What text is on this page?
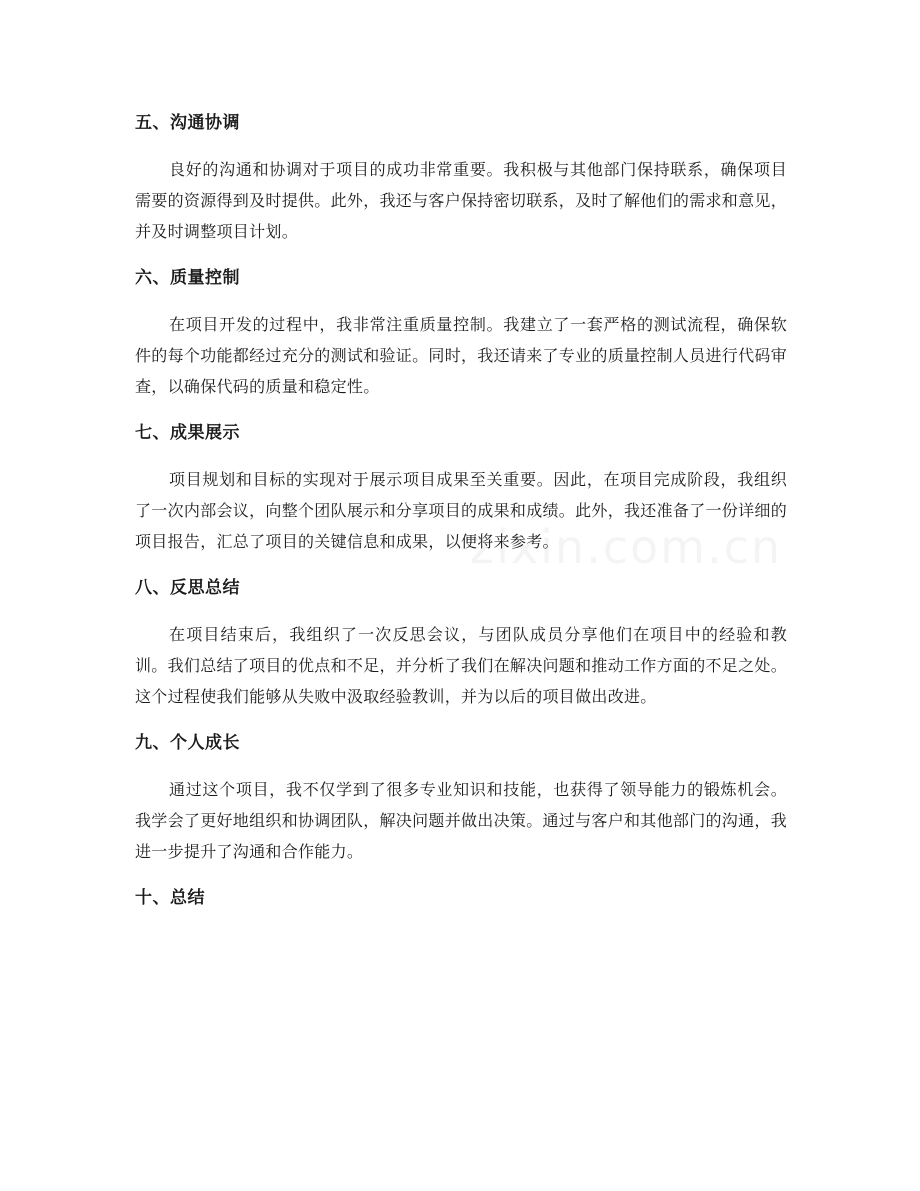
五、沟通协调

良好的沟通和协调对于项目的成功非常重要。我积极与其他部门保持联系，确保项目需要的资源得到及时提供。此外，我还与客户保持密切联系，及时了解他们的需求和意见，并及时调整项目计划。

六、质量控制

在项目开发的过程中，我非常注重质量控制。我建立了一套严格的测试流程，确保软件的每个功能都经过充分的测试和验证。同时，我还请来了专业的质量控制人员进行代码审查，以确保代码的质量和稳定性。

七、成果展示

项目规划和目标的实现对于展示项目成果至关重要。因此，在项目完成阶段，我组织了一次内部会议，向整个团队展示和分享项目的成果和成绩。此外，我还准备了一份详细的项目报告，汇总了项目的关键信息和成果，以便将来参考。

八、反思总结

在项目结束后，我组织了一次反思会议，与团队成员分享他们在项目中的经验和教训。我们总结了项目的优点和不足，并分析了我们在解决问题和推动工作方面的不足之处。这个过程使我们能够从失败中汲取经验教训，并为以后的项目做出改进。

九、个人成长

通过这个项目，我不仅学到了很多专业知识和技能，也获得了领导能力的锻炼机会。我学会了更好地组织和协调团队，解决问题并做出决策。通过与客户和其他部门的沟通，我进一步提升了沟通和合作能力。

十、总结
